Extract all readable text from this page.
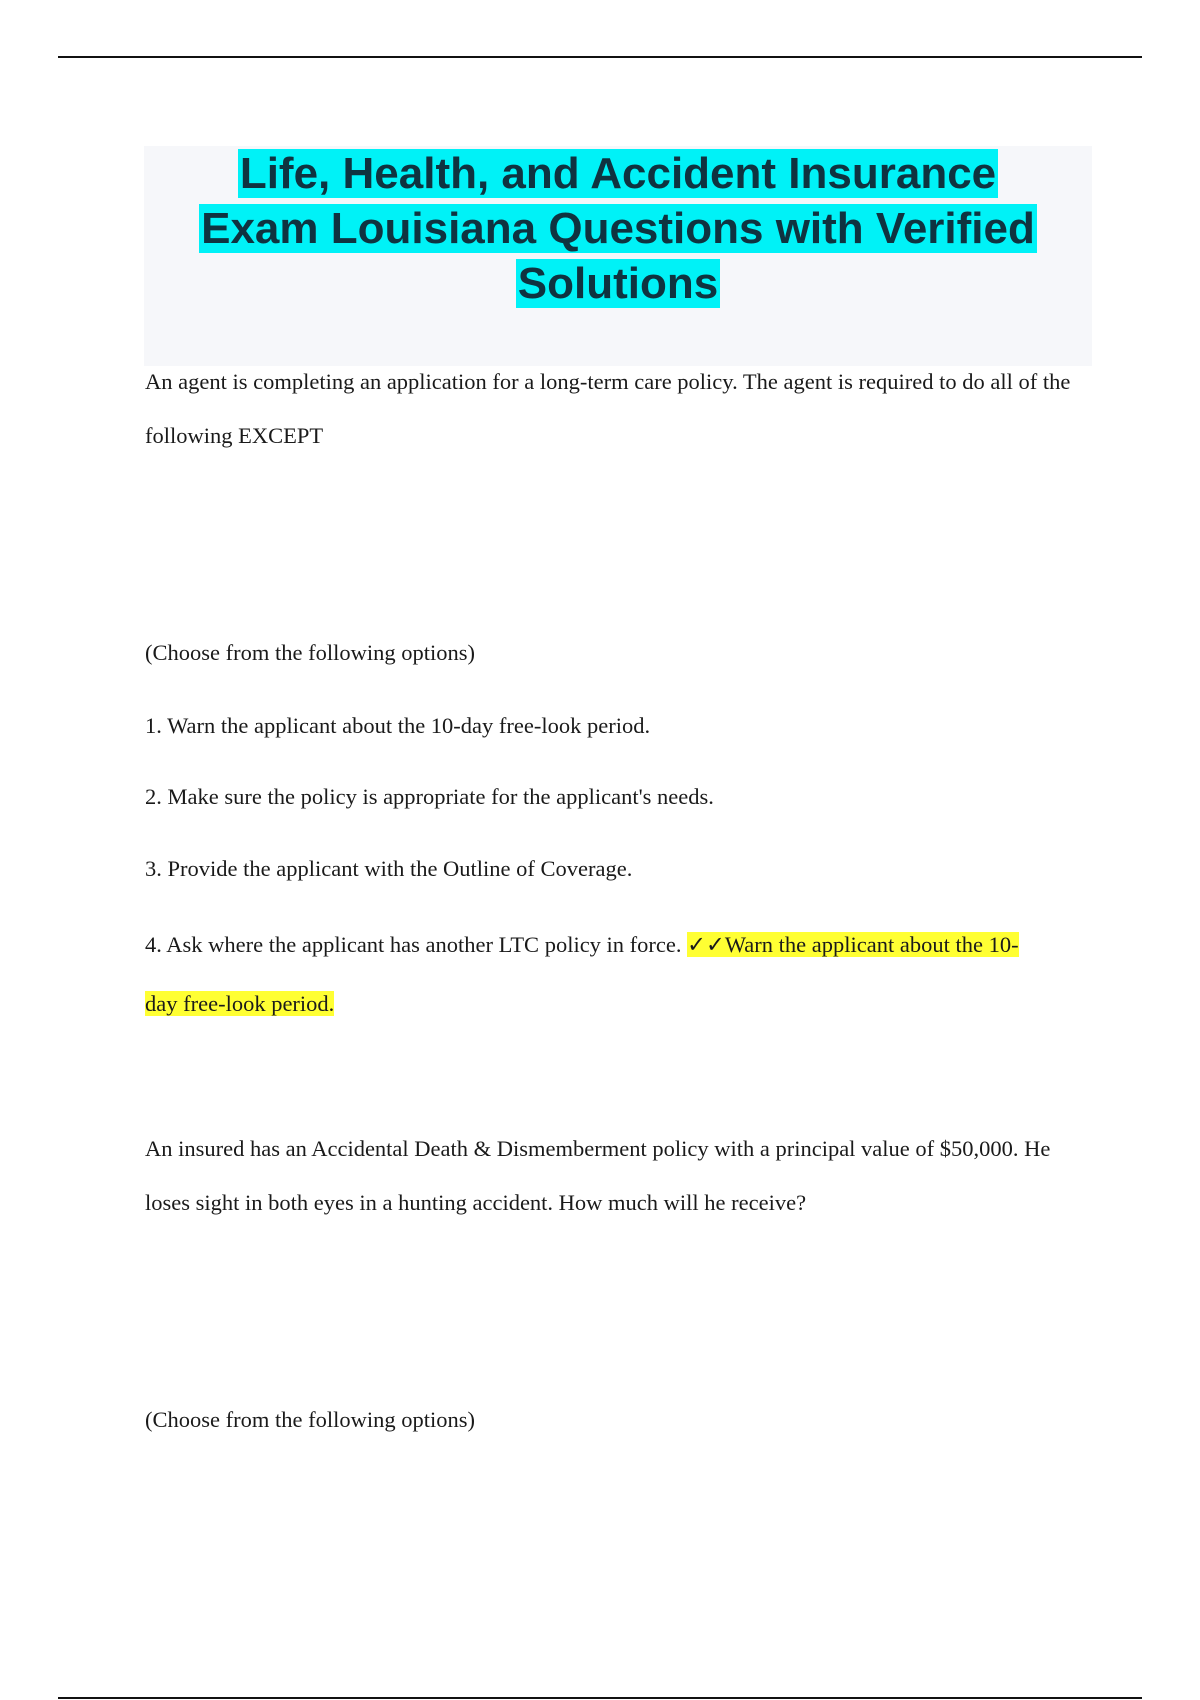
Life, Health, and Accident Insurance
Exam Louisiana Questions with Verified
Solutions

An agent is completing an application for a long-term care policy. The agent is required to do all of the following EXCEPT

(Choose from the following options)

1. Warn the applicant about the 10-day free-look period.

2. Make sure the policy is appropriate for the applicant's needs.

3. Provide the applicant with the Outline of Coverage.

4. Ask where the applicant has another LTC policy in force. ✓✓Warn the applicant about the 10-

day free-look period.

An insured has an Accidental Death & Dismemberment policy with a principal value of $50,000. He loses sight in both eyes in a hunting accident. How much will he receive?

(Choose from the following options)
